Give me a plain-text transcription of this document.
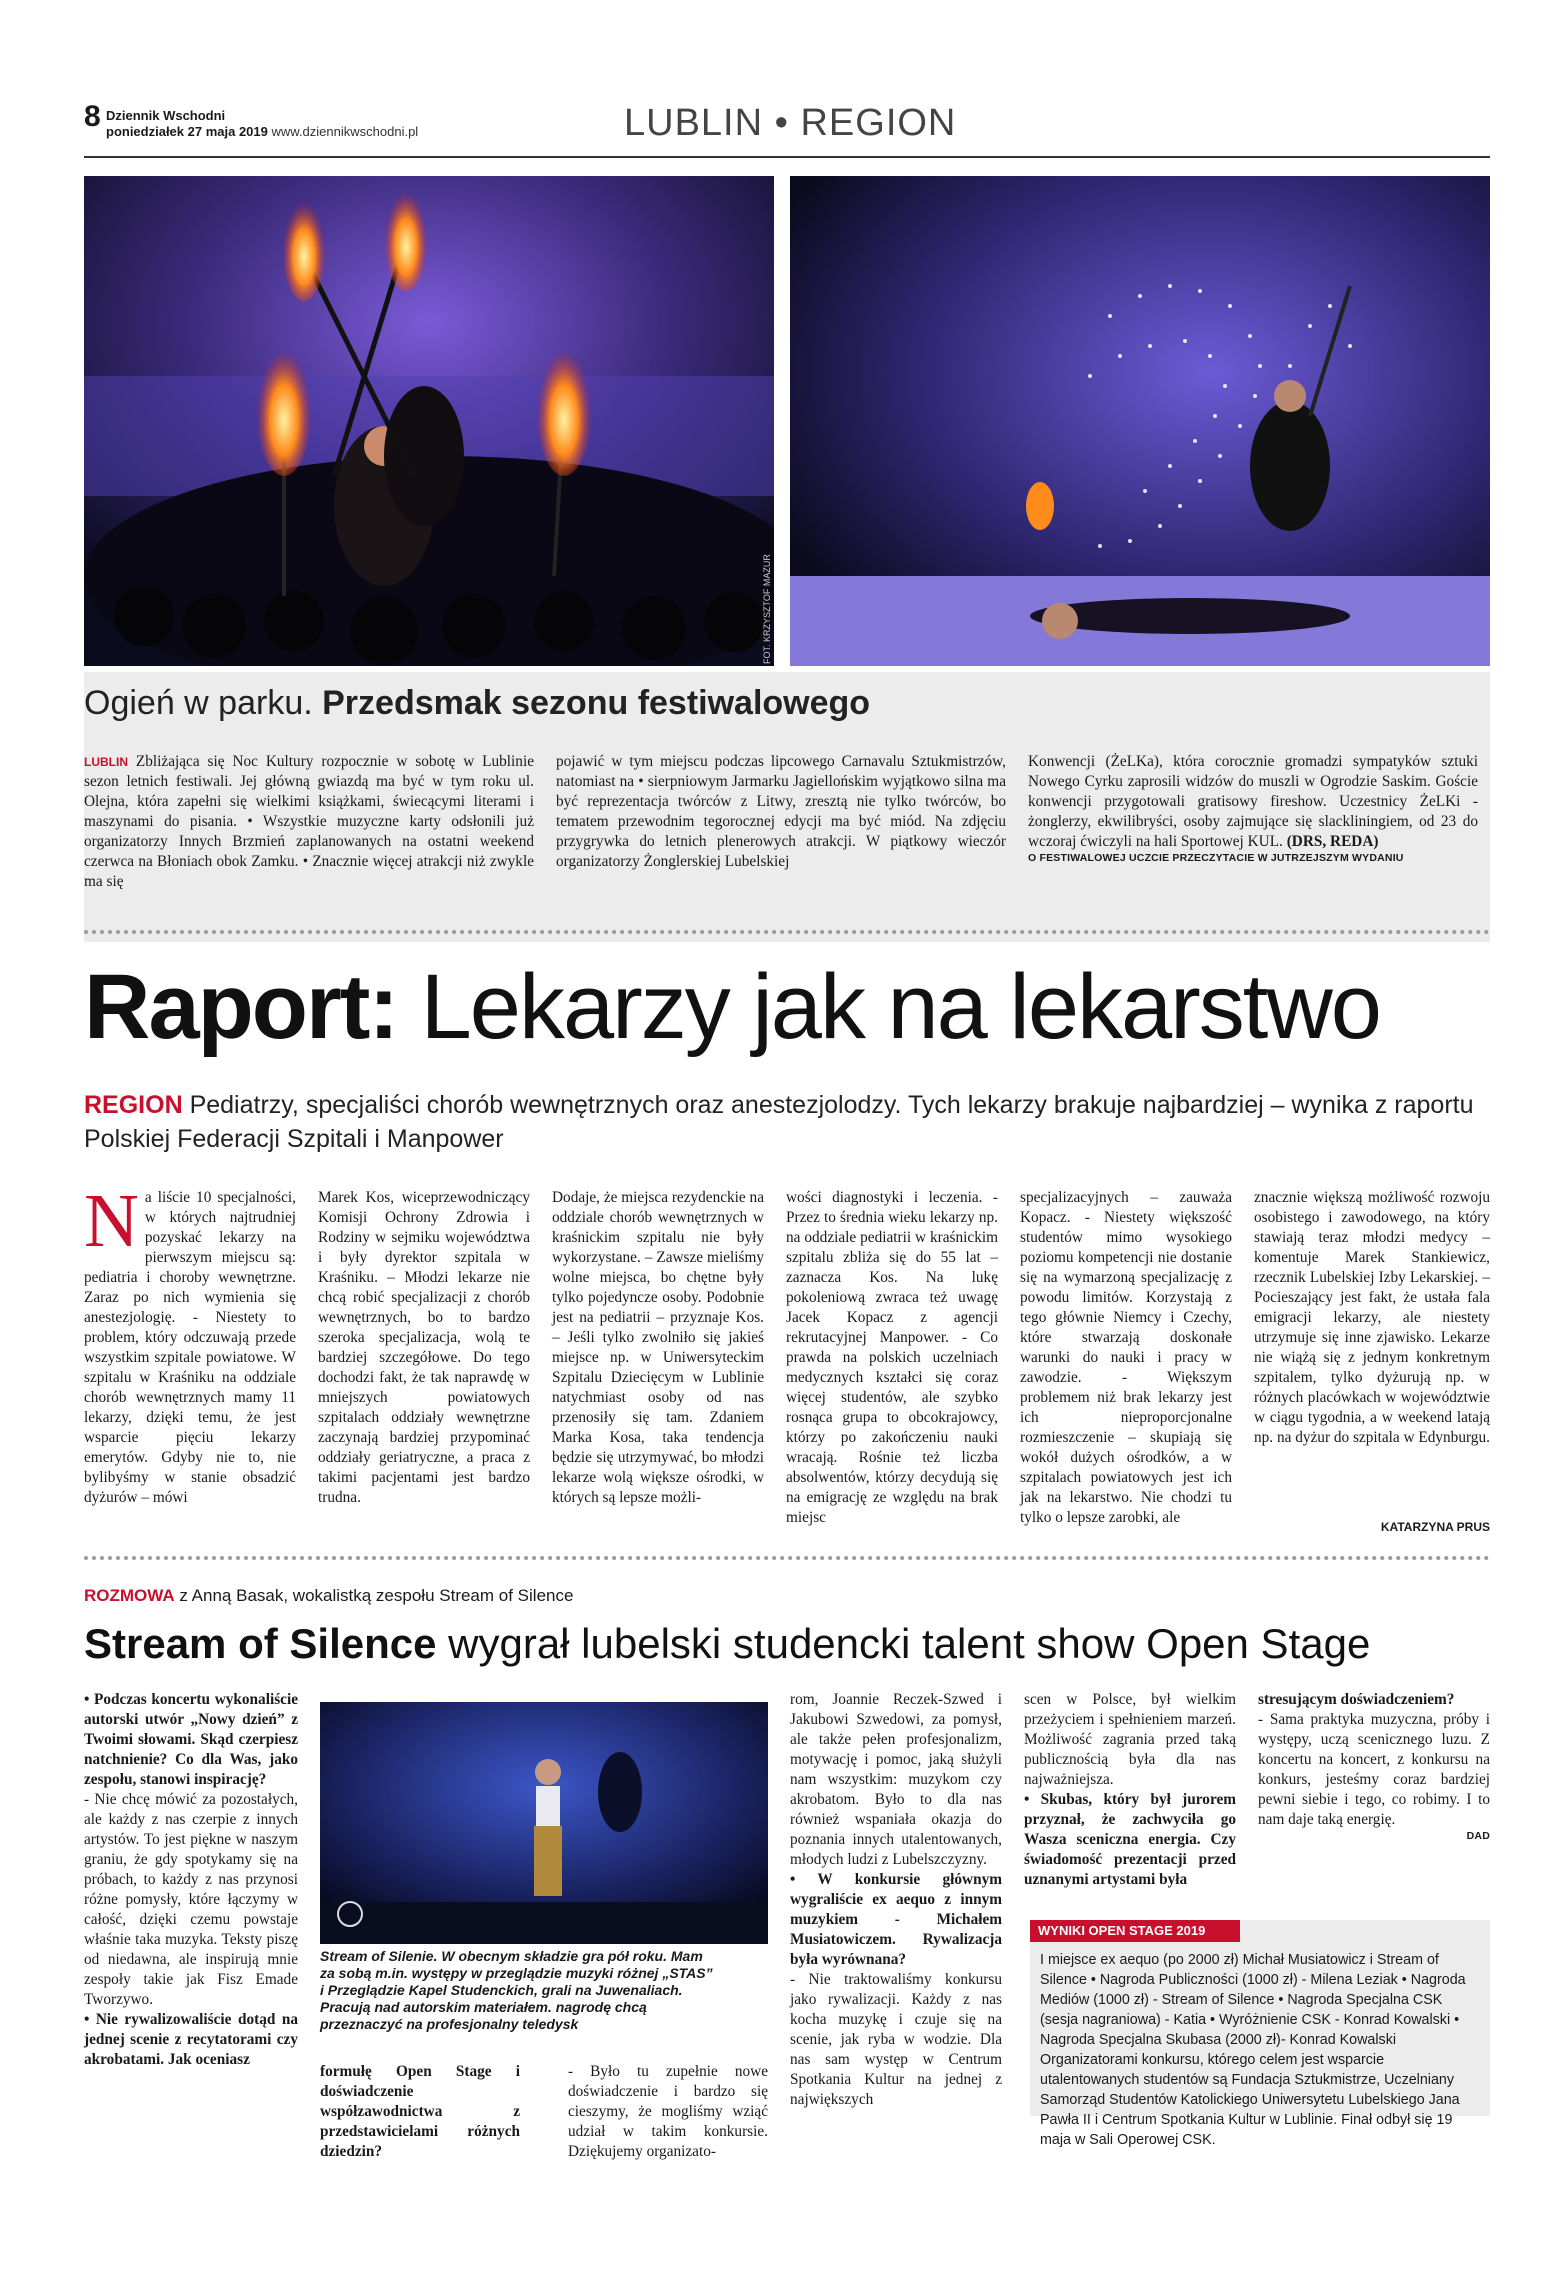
8 Dziennik Wschodni
poniedziałek 27 maja 2019 www.dziennikwschodni.pl	LUBLIN • REGION
FOT. KRZYSZTOF MAZUR
Ogień w parku. Przedsmak sezonu festiwalowego
LUBLIN Zbliżająca się Noc Kultury rozpocznie w sobotę w Lublinie sezon letnich festiwali. Jej główną gwiazdą ma być w tym roku ul. Olejna, która zapełni się wielkimi książkami, świecącymi literami i maszynami do pisania. • Wszystkie muzyczne karty odsłonili już organizatorzy Innych Brzmień zaplanowanych na ostatni weekend czerwca na Błoniach obok Zamku. • Znacznie więcej atrakcji niż zwykle ma się
pojawić w tym miejscu podczas lipcowego Carnavalu Sztukmistrzów, natomiast na • sierpniowym Jarmarku Jagiellońskim wyjątkowo silna ma być reprezentacja twórców z Litwy, zresztą nie tylko twórców, bo tematem przewodnim tegorocznej edycji ma być miód. Na zdjęciu przygrywka do letnich plenerowych atrakcji. W piątkowy wieczór organizatorzy Żonglerskiej Lubelskiej
Konwencji (ŻeLKa), która corocznie gromadzi sympatyków sztuki Nowego Cyrku zaprosili widzów do muszli w Ogrodzie Saskim. Goście konwencji przygotowali gratisowy fireshow. Uczestnicy ŻeLKi - żonglerzy, ekwilibryści, osoby zajmujące się slackliningiem, od 23 do wczoraj ćwiczyli na hali Sportowej KUL. (DRS, REDA)
O FESTIWALOWEJ UCZCIE PRZECZYTACIE W JUTRZEJSZYM WYDANIU
Raport: Lekarzy jak na lekarstwo
REGION Pediatrzy, specjaliści chorób wewnętrznych oraz anestezjolodzy. Tych lekarzy brakuje najbardziej – wynika z raportu Polskiej Federacji Szpitali i Manpower
Na liście 10 specjalności, w których najtrudniej pozyskać lekarzy na pierwszym miejscu są: pediatria i choroby wewnętrzne. Zaraz po nich wymienia się anestezjologię. - Niestety to problem, który odczuwają przede wszystkim szpitale powiatowe. W szpitalu w Kraśniku na oddziale chorób wewnętrznych mamy 11 lekarzy, dzięki temu, że jest wsparcie pięciu lekarzy emerytów. Gdyby nie to, nie bylibyśmy w stanie obsadzić dyżurów – mówi
Marek Kos, wiceprzewodniczący Komisji Ochrony Zdrowia i Rodziny w sejmiku województwa i były dyrektor szpitala w Kraśniku. – Młodzi lekarze nie chcą robić specjalizacji z chorób wewnętrznych, bo to bardzo szeroka specjalizacja, wolą te bardziej szczegółowe. Do tego dochodzi fakt, że tak naprawdę w mniejszych powiatowych szpitalach oddziały wewnętrzne zaczynają bardziej przypominać oddziały geriatryczne, a praca z takimi pacjentami jest bardzo trudna.
Dodaje, że miejsca rezydenckie na oddziale chorób wewnętrznych w kraśnickim szpitalu nie były wykorzystane. – Zawsze mieliśmy wolne miejsca, bo chętne były tylko pojedyncze osoby. Podobnie jest na pediatrii – przyznaje Kos. – Jeśli tylko zwolniło się jakieś miejsce np. w Uniwersyteckim Szpitalu Dziecięcym w Lublinie natychmiast osoby od nas przenosiły się tam. Zdaniem Marka Kosa, taka tendencja będzie się utrzymywać, bo młodzi lekarze wolą większe ośrodki, w których są lepsze możli-
wości diagnostyki i leczenia. - Przez to średnia wieku lekarzy np. na oddziale pediatrii w kraśnickim szpitalu zbliża się do 55 lat – zaznacza Kos. Na lukę pokoleniową zwraca też uwagę Jacek Kopacz z agencji rekrutacyjnej Manpower. - Co prawda na polskich uczelniach medycznych kształci się coraz więcej studentów, ale szybko rosnąca grupa to obcokrajowcy, którzy po zakończeniu nauki wracają. Rośnie też liczba absolwentów, którzy decydują się na emigrację ze względu na brak miejsc
specjalizacyjnych – zauważa Kopacz. - Niestety większość studentów mimo wysokiego poziomu kompetencji nie dostanie się na wymarzoną specjalizację z powodu limitów. Korzystają z tego głównie Niemcy i Czechy, które stwarzają doskonałe warunki do nauki i pracy w zawodzie. - Większym problemem niż brak lekarzy jest ich nieproporcjonalne rozmieszczenie – skupiają się wokół dużych ośrodków, a w szpitalach powiatowych jest ich jak na lekarstwo. Nie chodzi tu tylko o lepsze zarobki, ale
znacznie większą możliwość rozwoju osobistego i zawodowego, na który stawiają teraz młodzi medycy – komentuje Marek Stankiewicz, rzecznik Lubelskiej Izby Lekarskiej. – Pocieszający jest fakt, że ustała fala emigracji lekarzy, ale niestety utrzymuje się inne zjawisko. Lekarze nie wiążą się z jednym konkretnym szpitalem, tylko dyżurują np. w różnych placówkach w województwie w ciągu tygodnia, a w weekend latają np. na dyżur do szpitala w Edynburgu.
KATARZYNA PRUS
ROZMOWA z Anną Basak, wokalistką zespołu Stream of Silence
Stream of Silence wygrał lubelski studencki talent show Open Stage
• Podczas koncertu wykonaliście autorski utwór „Nowy dzień” z Twoimi słowami. Skąd czerpiesz natchnienie? Co dla Was, jako zespołu, stanowi inspirację?
- Nie chcę mówić za pozostałych, ale każdy z nas czerpie z innych artystów. To jest piękne w naszym graniu, że gdy spotykamy się na próbach, to każdy z nas przynosi różne pomysły, które łączymy w całość, dzięki czemu powstaje właśnie taka muzyka. Teksty piszę od niedawna, ale inspirują mnie zespoły takie jak Fisz Emade Tworzywo.
• Nie rywalizowaliście dotąd na jednej scenie z recytatorami czy akrobatami. Jak oceniasz
Stream of Silenie. W obecnym składzie gra pół roku. Mam za sobą m.in. występy w przeglądzie muzyki różnej „STAS” i Przeglądzie Kapel Studenckich, grali na Juwenaliach. Pracują nad autorskim materiałem. nagrodę chcą przeznaczyć na profesjonalny teledysk
formułę Open Stage i doświadczenie współzawodnictwa z przedstawicielami różnych dziedzin?
- Było tu zupełnie nowe doświadczenie i bardzo się cieszymy, że mogliśmy wziąć udział w takim konkursie. Dziękujemy organizato-
rom, Joannie Reczek-Szwed i Jakubowi Szwedowi, za pomysł, ale także pełen profesjonalizm, motywację i pomoc, jaką służyli nam wszystkim: muzykom czy akrobatom. Było to dla nas również wspaniała okazja do poznania innych utalentowanych, młodych ludzi z Lubelszczyzny.
• W konkursie głównym wygraliście ex aequo z innym muzykiem - Michałem Musiatowiczem. Rywalizacja była wyrównana?
- Nie traktowaliśmy konkursu jako rywalizacji. Każdy z nas kocha muzykę i czuje się na scenie, jak ryba w wodzie. Dla nas sam występ w Centrum Spotkania Kultur na jednej z największych
scen w Polsce, był wielkim przeżyciem i spełnieniem marzeń. Możliwość zagrania przed taką publicznością była dla nas najważniejsza.
• Skubas, który był jurorem przyznał, że zachwyciła go Wasza sceniczna energia. Czy świadomość prezentacji przed uznanymi artystami była
stresującym doświadczeniem?
- Sama praktyka muzyczna, próby i występy, uczą scenicznego luzu. Z koncertu na koncert, z konkursu na konkurs, jesteśmy coraz bardziej pewni siebie i tego, co robimy. I to nam daje taką energię.
DAD
WYNIKI OPEN STAGE 2019
I miejsce ex aequo (po 2000 zł) Michał Musiatowicz i Stream of Silence • Nagroda Publiczności (1000 zł) - Milena Leziak • Nagroda Mediów (1000 zł) - Stream of Silence • Nagroda Specjalna CSK (sesja nagraniowa) - Katia • Wyróżnienie CSK - Konrad Kowalski • Nagroda Specjalna Skubasa (2000 zł)- Konrad Kowalski Organizatorami konkursu, którego celem jest wsparcie utalentowanych studentów są Fundacja Sztukmistrze, Uczelniany Samorząd Studentów Katolickiego Uniwersytetu Lubelskiego Jana Pawła II i Centrum Spotkania Kultur w Lublinie. Finał odbył się 19 maja w Sali Operowej CSK.
